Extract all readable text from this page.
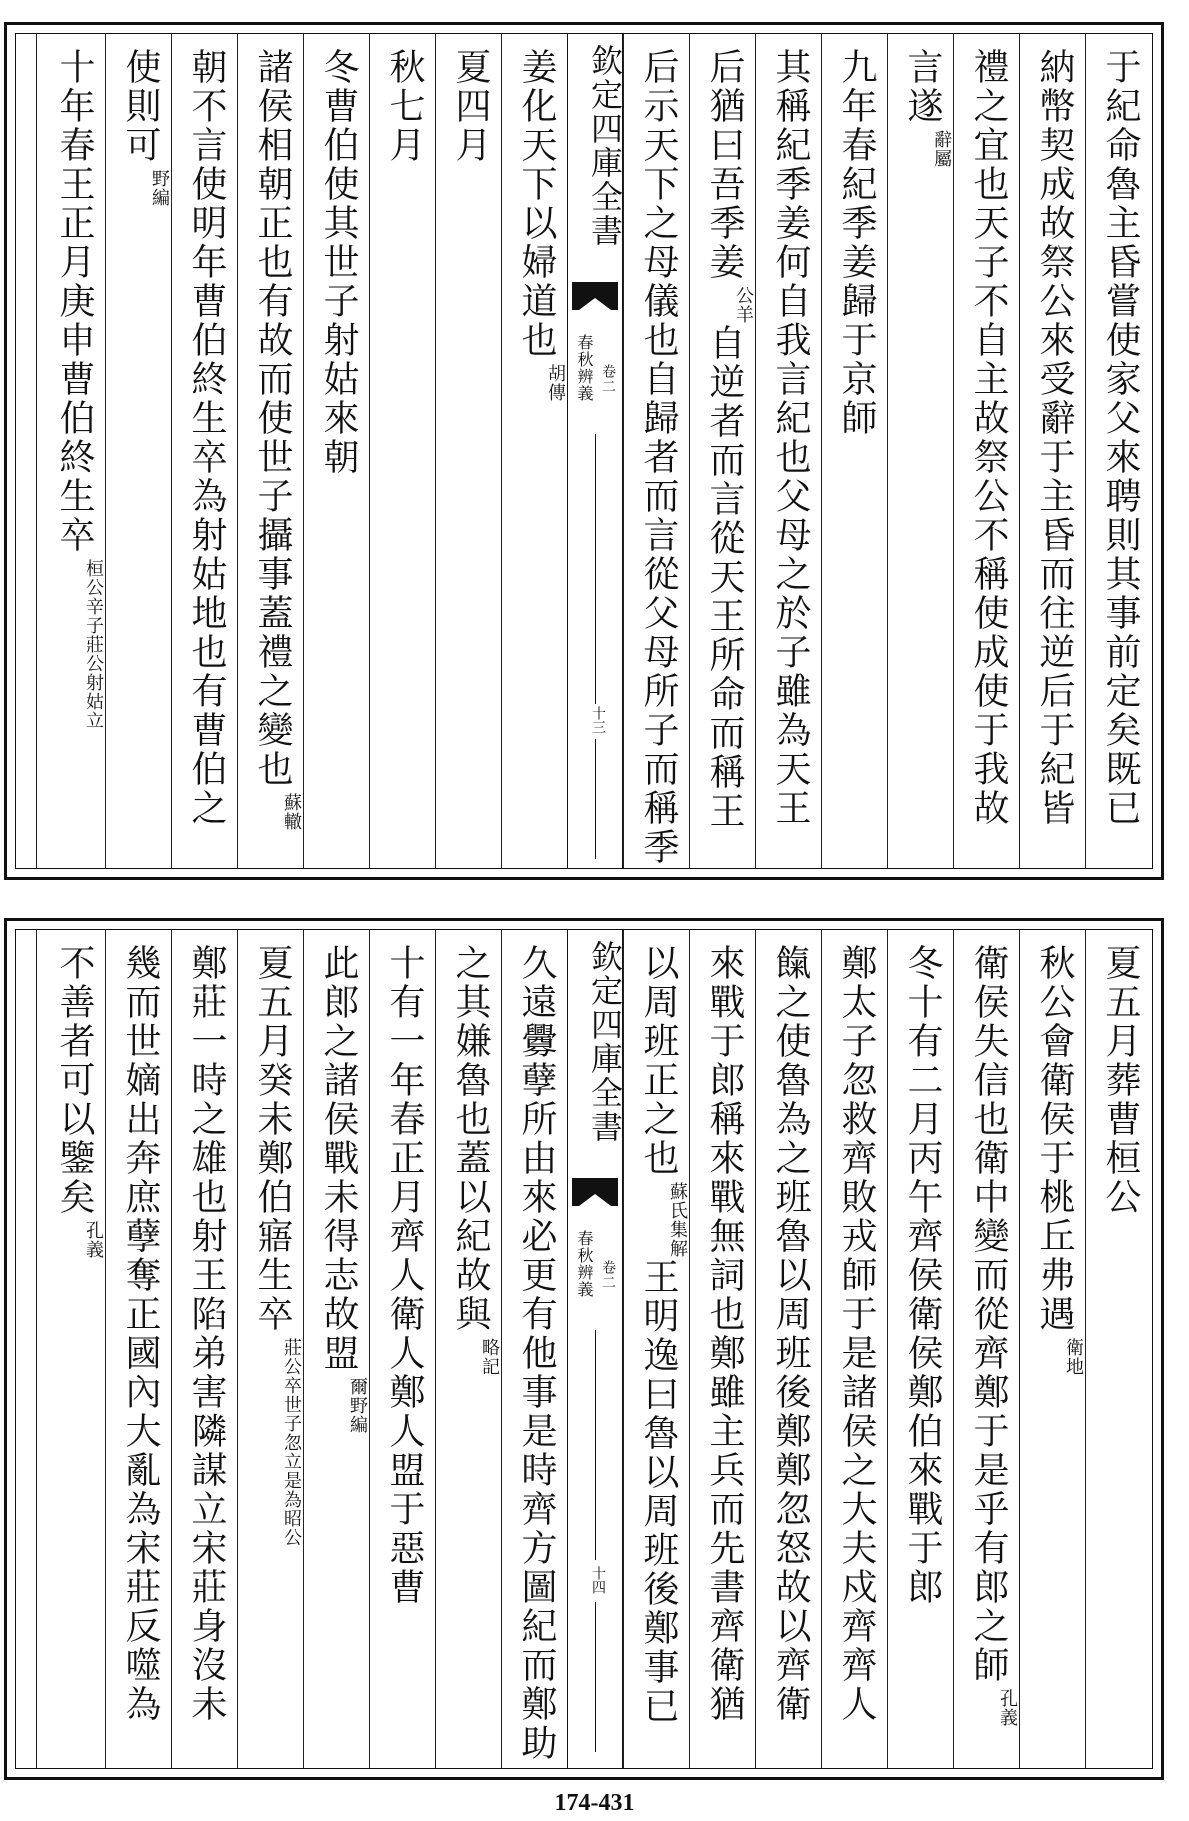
于紀命魯主昏嘗使家父來聘則其事前定矣既已
納幣契成故祭公來受辭于主昏而往逆后于紀皆
禮之宜也天子不自主故祭公不稱使成使于我故
言遂辭屬
九年春紀季姜歸于京師
其稱紀季姜何自我言紀也父母之於子雖為天王
后猶曰吾季姜公羊自逆者而言從天王所命而稱王
后示天下之母儀也自歸者而言從父母所子而稱季
欽定四庫全書
春秋辨義 卷二
十三
姜化天下以婦道也胡傳
夏四月
秋七月
冬曹伯使其世子射姑來朝
諸侯相朝正也有故而使世子攝事蓋禮之變也蘇轍
朝不言使明年曹伯終生卒為射姑地也有曹伯之
使則可野編
十年春王正月庚申曹伯終生卒桓公辛子莊公射姑立
夏五月葬曹桓公
秋公會衛侯于桃丘弗遇衛地
衛侯失信也衛中變而從齊鄭于是乎有郎之師孔義
冬十有二月丙午齊侯衛侯鄭伯來戰于郎
鄭太子忽救齊敗戎師于是諸侯之大夫戍齊齊人
餼之使魯為之班魯以周班後鄭鄭忽怒故以齊衛
來戰于郎稱來戰無詞也鄭雖主兵而先書齊衛猶
以周班正之也蘇氏集解王明逸曰魯以周班後鄭事已
欽定四庫全書
春秋辨義 卷二
十四
久遠釁孽所由來必更有他事是時齊方圖紀而鄭助
之其嫌魯也蓋以紀故與略記
十有一年春正月齊人衛人鄭人盟于惡曹
此郎之諸侯戰未得志故盟爾野編
夏五月癸未鄭伯寤生卒莊公卒世子忽立是為昭公
鄭莊一時之雄也射王陷弟害隣謀立宋莊身沒未
幾而世嫡出奔庶孽奪正國內大亂為宋莊反噬為
不善者可以鑒矣孔義
174-431
